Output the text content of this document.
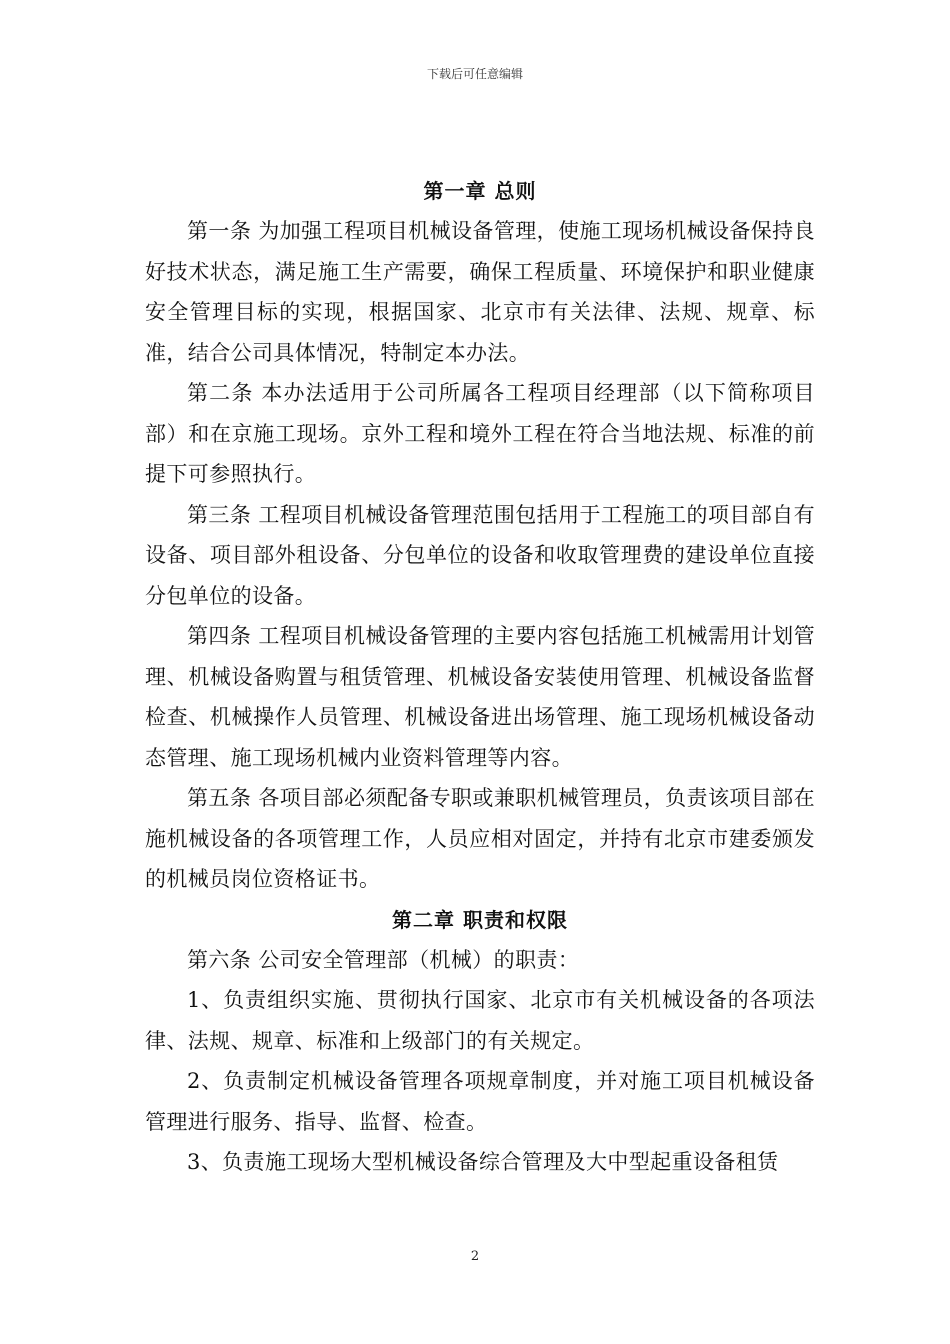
下载后可任意编辑
第一章 总则

第一条 为加强工程项目机械设备管理，使施工现场机械设备保持良好技术状态，满足施工生产需要，确保工程质量、环境保护和职业健康安全管理目标的实现，根据国家、北京市有关法律、法规、规章、标准，结合公司具体情况，特制定本办法。

第二条 本办法适用于公司所属各工程项目经理部（以下简称项目部）和在京施工现场。京外工程和境外工程在符合当地法规、标准的前提下可参照执行。

第三条 工程项目机械设备管理范围包括用于工程施工的项目部自有设备、项目部外租设备、分包单位的设备和收取管理费的建设单位直接分包单位的设备。

第四条 工程项目机械设备管理的主要内容包括施工机械需用计划管理、机械设备购置与租赁管理、机械设备安装使用管理、机械设备监督检查、机械操作人员管理、机械设备进出场管理、施工现场机械设备动态管理、施工现场机械内业资料管理等内容。

第五条 各项目部必须配备专职或兼职机械管理员，负责该项目部在施机械设备的各项管理工作，人员应相对固定，并持有北京市建委颁发的机械员岗位资格证书。

第二章 职责和权限

第六条 公司安全管理部（机械）的职责：

1、负责组织实施、贯彻执行国家、北京市有关机械设备的各项法律、法规、规章、标准和上级部门的有关规定。

2、负责制定机械设备管理各项规章制度，并对施工项目机械设备管理进行服务、指导、监督、检查。

3、负责施工现场大型机械设备综合管理及大中型起重设备租赁

2
